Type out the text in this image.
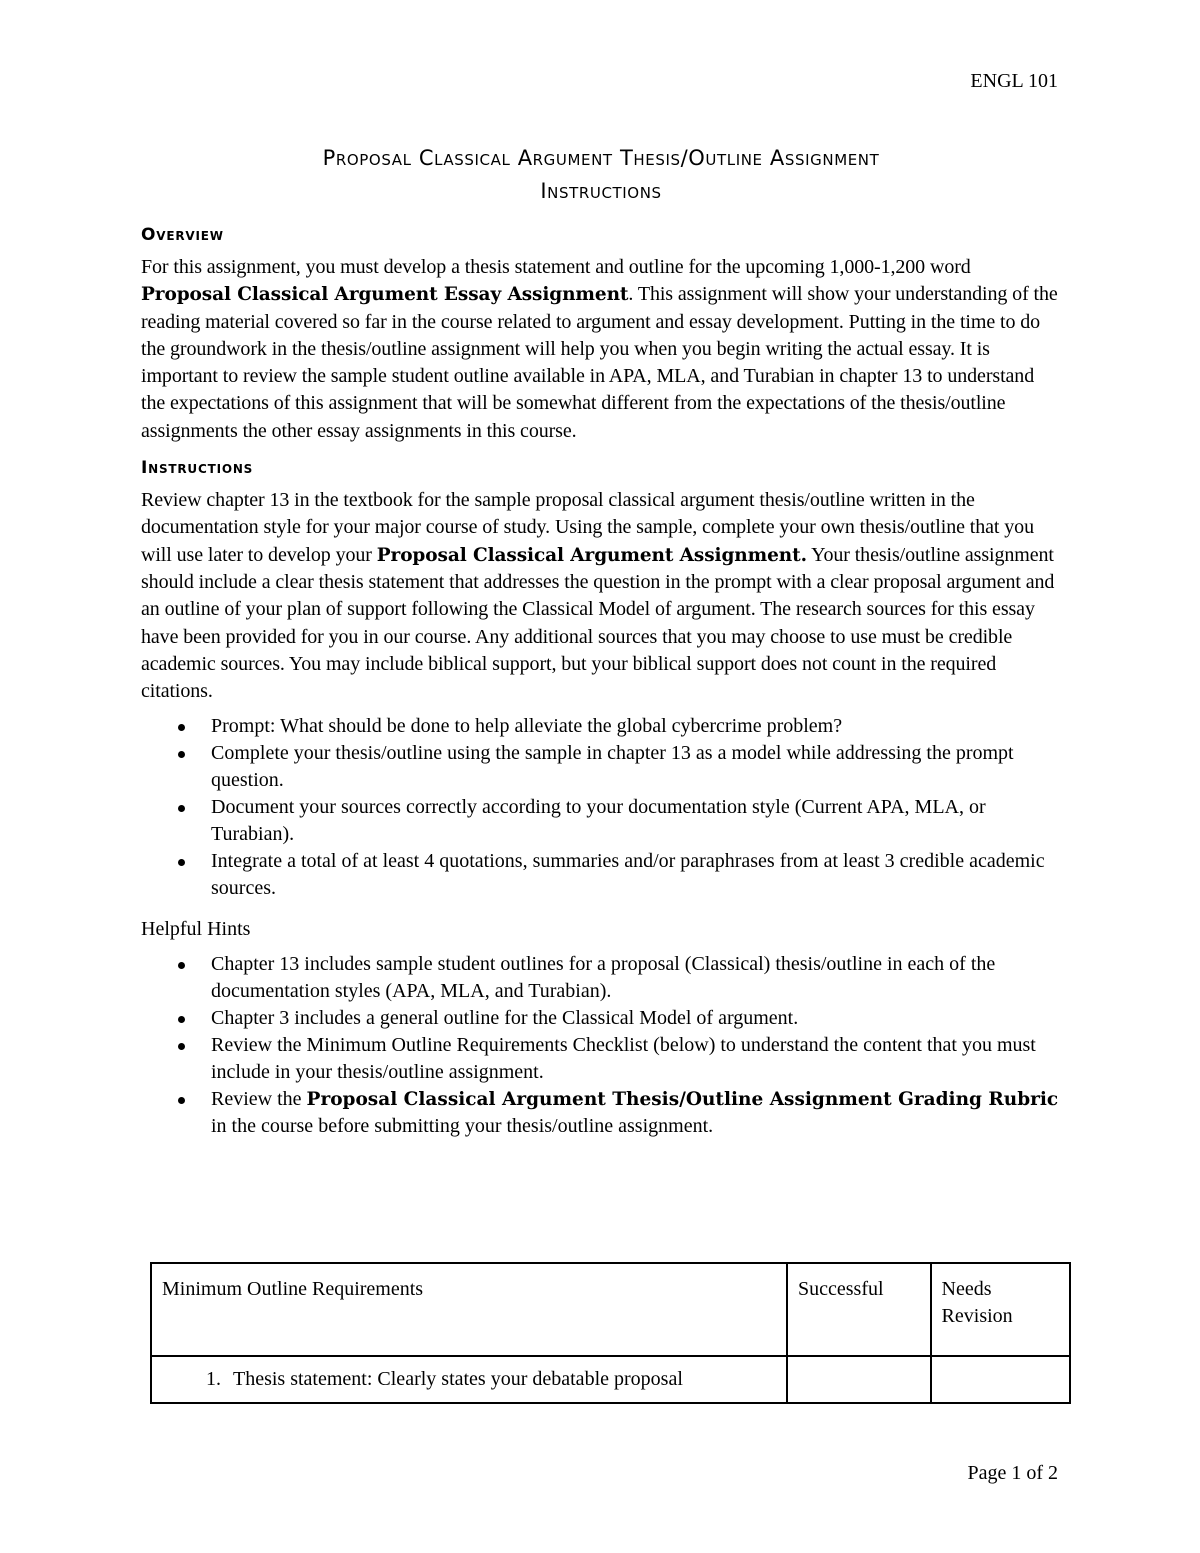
ENGL 101
Proposal Classical Argument Thesis/Outline Assignment
Instructions
Overview

For this assignment, you must develop a thesis statement and outline for the upcoming 1,000-1,200 word Proposal Classical Argument Essay Assignment. This assignment will show your understanding of the reading material covered so far in the course related to argument and essay development. Putting in the time to do the groundwork in the thesis/outline assignment will help you when you begin writing the actual essay. It is important to review the sample student outline available in APA, MLA, and Turabian in chapter 13 to understand the expectations of this assignment that will be somewhat different from the expectations of the thesis/outline assignments the other essay assignments in this course.

Instructions

Review chapter 13 in the textbook for the sample proposal classical argument thesis/outline written in the documentation style for your major course of study. Using the sample, complete your own thesis/outline that you will use later to develop your Proposal Classical Argument Assignment. Your thesis/outline assignment should include a clear thesis statement that addresses the question in the prompt with a clear proposal argument and an outline of your plan of support following the Classical Model of argument. The research sources for this essay have been provided for you in our course. Any additional sources that you may choose to use must be credible academic sources. You may include biblical support, but your biblical support does not count in the required citations.

Prompt: What should be done to help alleviate the global cybercrime problem?
Complete your thesis/outline using the sample in chapter 13 as a model while addressing the prompt question.
Document your sources correctly according to your documentation style (Current APA, MLA, or Turabian).
Integrate a total of at least 4 quotations, summaries and/or paraphrases from at least 3 credible academic sources.

Helpful Hints

Chapter 13 includes sample student outlines for a proposal (Classical) thesis/outline in each of the documentation styles (APA, MLA, and Turabian).
Chapter 3 includes a general outline for the Classical Model of argument.
Review the Minimum Outline Requirements Checklist (below) to understand the content that you must include in your thesis/outline assignment.
Review the Proposal Classical Argument Thesis/Outline Assignment Grading Rubric in the course before submitting your thesis/outline assignment.
Minimum Outline Requirements	Successful	Needs Revision
1. Thesis statement: Clearly states your debatable proposal		
Page 1 of 2
